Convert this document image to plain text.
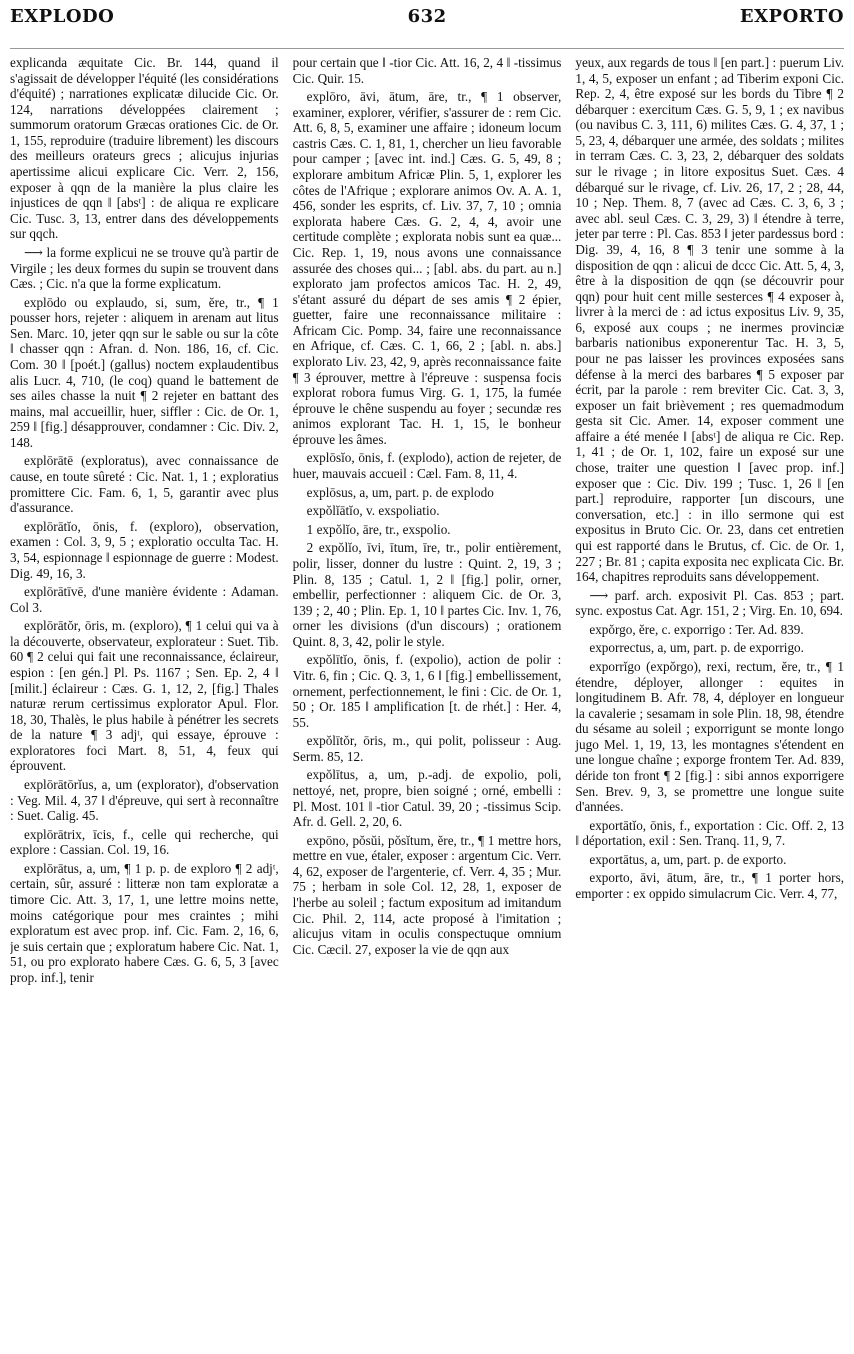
EXPLODO	632	EXPORTO

explicanda æquitate Cic. Br. 144, quand il s'agissait de développer l'équité (les considérations d'équité) ; narrationes explicatæ dilucide Cic. Or. 124, narrations développées clairement ; summorum oratorum Græcas orationes Cic. de Or. 1, 155, reproduire (traduire librement) les discours des meilleurs orateurs grecs ; alicujus injurias apertissime alicui explicare Cic. Verr. 2, 156, exposer à qqn de la manière la plus claire les injustices de qqn ‖ [absᵗ] : de aliqua re explicare Cic. Tusc. 3, 13, entrer dans des développements sur qqch.

⟶ la forme explicui ne se trouve qu'à partir de Virgile ; les deux formes du supin se trouvent dans Cæs. ; Cic. n'a que la forme explicatum.

explōdo ou explaudo, si, sum, ĕre, tr., ¶ 1 pousser hors, rejeter : aliquem in arenam aut litus Sen. Marc. 10, jeter qqn sur le sable ou sur la côte ‖ chasser qqn : Afran. d. Non. 186, 16, cf. Cic. Com. 30 ‖ [poét.] (gallus) noctem explaudentibus alis Lucr. 4, 710, (le coq) quand le battement de ses ailes chasse la nuit ¶ 2 rejeter en battant des mains, mal accueillir, huer, siffler : Cic. de Or. 1, 259 ‖ [fig.] désapprouver, condamner : Cic. Div. 2, 148.

explōrātē (exploratus), avec connaissance de cause, en toute sûreté : Cic. Nat. 1, 1 ; exploratius promittere Cic. Fam. 6, 1, 5, garantir avec plus d'assurance.

explōrātĭo, ōnis, f. (exploro), observation, examen : Col. 3, 9, 5 ; exploratio occulta Tac. H. 3, 54, espionnage ‖ espionnage de guerre : Modest. Dig. 49, 16, 3.

explōrātīvē, d'une manière évidente : Adaman. Col 3.

explōrātŏr, ōris, m. (exploro), ¶ 1 celui qui va à la découverte, observateur, explorateur : Suet. Tib. 60 ¶ 2 celui qui fait une reconnaissance, éclaireur, espion : [en gén.] Pl. Ps. 1167 ; Sen. Ep. 2, 4 ‖ [milit.] éclaireur : Cæs. G. 1, 12, 2, [fig.] Thales naturæ rerum certissimus explorator Apul. Flor. 18, 30, Thalès, le plus habile à pénétrer les secrets de la nature ¶ 3 adjᵗ, qui essaye, éprouve : exploratores foci Mart. 8, 51, 4, feux qui éprouvent.

explōrātōrĭus, a, um (explorator), d'observation : Veg. Mil. 4, 37 ‖ d'épreuve, qui sert à reconnaître : Suet. Calig. 45.

explōrātrix, īcis, f., celle qui recherche, qui explore : Cassian. Col. 19, 16.

explōrātus, a, um, ¶ 1 p. p. de exploro ¶ 2 adjᵗ, certain, sûr, assuré : litteræ non tam exploratæ a timore Cic. Att. 3, 17, 1, une lettre moins nette, moins catégorique pour mes craintes ; mihi exploratum est avec prop. inf. Cic. Fam. 2, 16, 6, je suis certain que ; exploratum habere Cic. Nat. 1, 51, ou pro explorato habere Cæs. G. 6, 5, 3 [avec prop. inf.], tenir

pour certain que ‖ -tior Cic. Att. 16, 2, 4 ‖ -tissimus Cic. Quir. 15.

explōro, āvi, ātum, āre, tr., ¶ 1 observer, examiner, explorer, vérifier, s'assurer de : rem Cic. Att. 6, 8, 5, examiner une affaire ; idoneum locum castris Cæs. C. 1, 81, 1, chercher un lieu favorable pour camper ; [avec int. ind.] Cæs. G. 5, 49, 8 ; explorare ambitum Africæ Plin. 5, 1, explorer les côtes de l'Afrique ; explorare animos Ov. A. A. 1, 456, sonder les esprits, cf. Liv. 37, 7, 10 ; omnia explorata habere Cæs. G. 2, 4, 4, avoir une certitude complète ; explorata nobis sunt ea quæ... Cic. Rep. 1, 19, nous avons une connaissance assurée des choses qui... ; [abl. abs. du part. au n.] explorato jam profectos amicos Tac. H. 2, 49, s'étant assuré du départ de ses amis ¶ 2 épier, guetter, faire une reconnaissance militaire : Africam Cic. Pomp. 34, faire une reconnaissance en Afrique, cf. Cæs. C. 1, 66, 2 ; [abl. n. abs.] explorato Liv. 23, 42, 9, après reconnaissance faite ¶ 3 éprouver, mettre à l'épreuve : suspensa focis explorat robora fumus Virg. G. 1, 175, la fumée éprouve le chêne suspendu au foyer ; secundæ res animos explorant Tac. H. 1, 15, le bonheur éprouve les âmes.

explōsĭo, ōnis, f. (explodo), action de rejeter, de huer, mauvais accueil : Cæl. Fam. 8, 11, 4.

explōsus, a, um, part. p. de explodo

expŏlĭātĭo, v. exspoliatio.

1 expŏlĭo, āre, tr., exspolio.

2 expŏlĭo, īvi, ītum, īre, tr., polir entièrement, polir, lisser, donner du lustre : Quint. 2, 19, 3 ; Plin. 8, 135 ; Catul. 1, 2 ‖ [fig.] polir, orner, embellir, perfectionner : aliquem Cic. de Or. 3, 139 ; 2, 40 ; Plin. Ep. 1, 10 ‖ partes Cic. Inv. 1, 76, orner les divisions (d'un discours) ; orationem Quint. 8, 3, 42, polir le style.

expŏlītĭo, ōnis, f. (expolio), action de polir : Vitr. 6, fin ; Cic. Q. 3, 1, 6 ‖ [fig.] embellissement, ornement, perfectionnement, le fini : Cic. de Or. 1, 50 ; Or. 185 ‖ amplification [t. de rhét.] : Her. 4, 55.

expŏlītŏr, ōris, m., qui polit, polisseur : Aug. Serm. 85, 12.

expŏlītus, a, um, p.-adj. de expolio, poli, nettoyé, net, propre, bien soigné ; orné, embelli : Pl. Most. 101 ‖ -tior Catul. 39, 20 ; -tissimus Scip. Afr. d. Gell. 2, 20, 6.

expōno, pŏsŭi, pŏsĭtum, ĕre, tr., ¶ 1 mettre hors, mettre en vue, étaler, exposer : argentum Cic. Verr. 4, 62, exposer de l'argenterie, cf. Verr. 4, 35 ; Mur. 75 ; herbam in sole Col. 12, 28, 1, exposer de l'herbe au soleil ; factum expositum ad imitandum Cic. Phil. 2, 114, acte proposé à l'imitation ; alicujus vitam in oculis conspectuque omnium Cic. Cæcil. 27, exposer la vie de qqn aux

yeux, aux regards de tous ‖ [en part.] : puerum Liv. 1, 4, 5, exposer un enfant ; ad Tiberim exponi Cic. Rep. 2, 4, être exposé sur les bords du Tibre ¶ 2 débarquer : exercitum Cæs. G. 5, 9, 1 ; ex navibus (ou navibus C. 3, 111, 6) milites Cæs. G. 4, 37, 1 ; 5, 23, 4, débarquer une armée, des soldats ; milites in terram Cæs. C. 3, 23, 2, débarquer des soldats sur le rivage ; in litore expositus Suet. Cæs. 4 débarqué sur le rivage, cf. Liv. 26, 17, 2 ; 28, 44, 10 ; Nep. Them. 8, 7 (avec ad Cæs. C. 3, 6, 3 ; avec abl. seul Cæs. C. 3, 29, 3) ‖ étendre à terre, jeter par terre : Pl. Cas. 853 ‖ jeter pardessus bord : Dig. 39, 4, 16, 8 ¶ 3 tenir une somme à la disposition de qqn : alicui de dccc Cic. Att. 5, 4, 3, être à la disposition de qqn (se découvrir pour qqn) pour huit cent mille sesterces ¶ 4 exposer à, livrer à la merci de : ad ictus expositus Liv. 9, 35, 6, exposé aux coups ; ne inermes provinciæ barbaris nationibus exponerentur Tac. H. 3, 5, pour ne pas laisser les provinces exposées sans défense à la merci des barbares ¶ 5 exposer par écrit, par la parole : rem breviter Cic. Cat. 3, 3, exposer un fait brièvement ; res quemadmodum gesta sit Cic. Amer. 14, exposer comment une affaire a été menée ‖ [absᵗ] de aliqua re Cic. Rep. 1, 41 ; de Or. 1, 102, faire un exposé sur une chose, traiter une question ‖ [avec prop. inf.] exposer que : Cic. Div. 199 ; Tusc. 1, 26 ‖ [en part.] reproduire, rapporter [un discours, une conversation, etc.] : in illo sermone qui est expositus in Bruto Cic. Or. 23, dans cet entretien qui est rapporté dans le Brutus, cf. Cic. de Or. 1, 227 ; Br. 81 ; capita exposita nec explicata Cic. Br. 164, chapitres reproduits sans développement.

⟶ parf. arch. exposivit Pl. Cas. 853 ; part. sync. expostus Cat. Agr. 151, 2 ; Virg. En. 10, 694.

expŏrgo, ĕre, c. exporrigo : Ter. Ad. 839.

exporrectus, a, um, part. p. de exporrigo.

exporrĭgo (expŏrgo), rexi, rectum, ĕre, tr., ¶ 1 étendre, déployer, allonger : equites in longitudinem B. Afr. 78, 4, déployer en longueur la cavalerie ; sesamam in sole Plin. 18, 98, étendre du sésame au soleil ; exporrigunt se monte longo jugo Mel. 1, 19, 13, les montagnes s'étendent en une longue chaîne ; exporge frontem Ter. Ad. 839, déride ton front ¶ 2 [fig.] : sibi annos exporrigere Sen. Brev. 9, 3, se promettre une longue suite d'années.

exportātĭo, ōnis, f., exportation : Cic. Off. 2, 13 ‖ déportation, exil : Sen. Tranq. 11, 9, 7.

exportātus, a, um, part. p. de exporto.

exporto, āvi, ātum, āre, tr., ¶ 1 porter hors, emporter : ex oppido simulacrum Cic. Verr. 4, 77,
